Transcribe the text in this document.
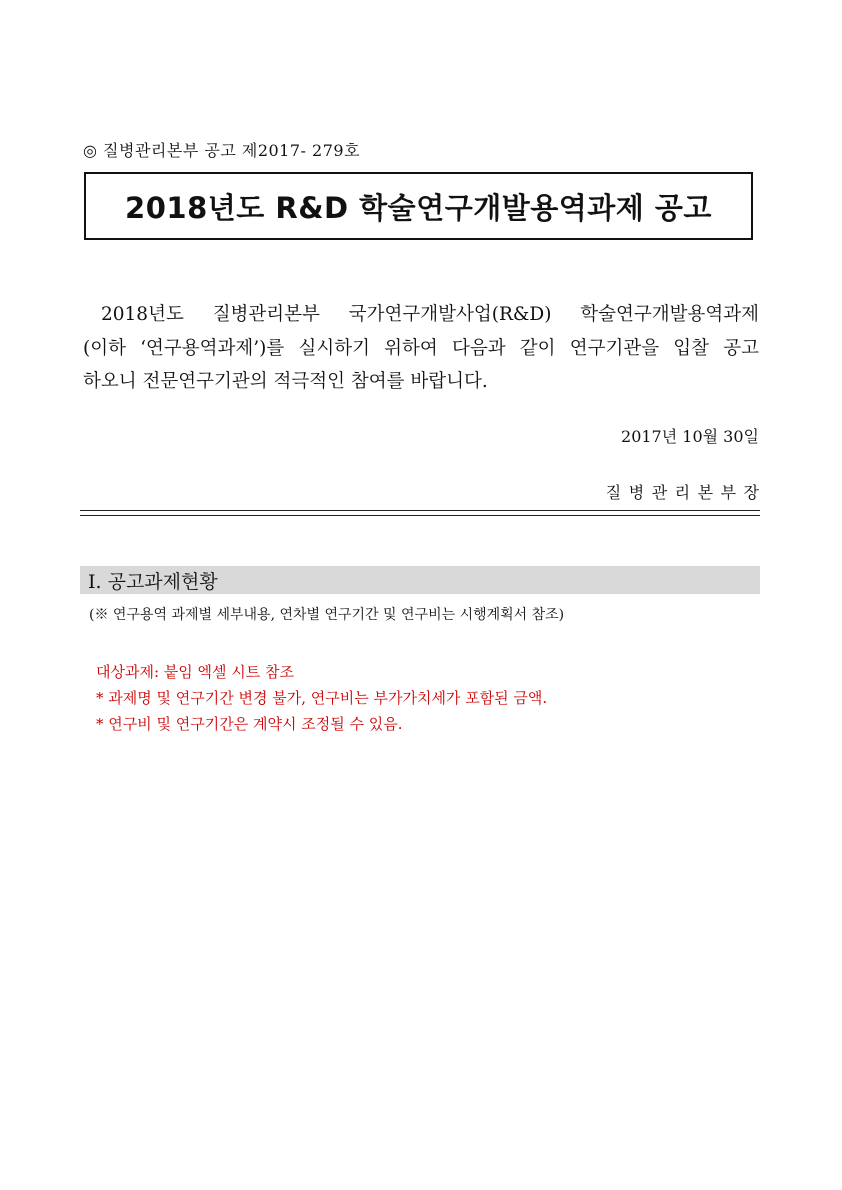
◎ 질병관리본부 공고 제2017- 279호
2018년도 R&D 학술연구개발용역과제 공고

2018년도 질병관리본부 국가연구개발사업(R&D) 학술연구개발용역과제

(이하 ‘연구용역과제’)를 실시하기 위하여 다음과 같이 연구기관을 입찰 공고

하오니 전문연구기관의 적극적인 참여를 바랍니다.

2017년 10월 30일
질병관리본부장
Ⅰ. 공고과제현황
(※ 연구용역 과제별 세부내용, 연차별 연구기간 및 연구비는 시행계획서 참조)
대상과제: 붙임 엑셀 시트 참조
* 과제명 및 연구기간 변경 불가, 연구비는 부가가치세가 포함된 금액.
* 연구비 및 연구기간은 계약시 조정될 수 있음.
